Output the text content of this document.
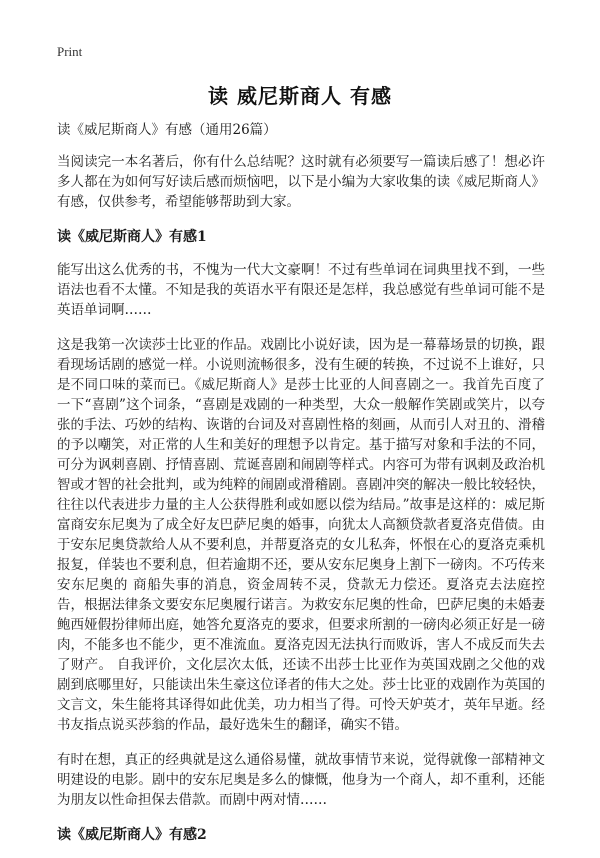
Print
读 威尼斯商人 有感

读《威尼斯商人》有感（通用26篇）

当阅读完一本名著后，你有什么总结呢？这时就有必须要写一篇读后感了！想必许多人都在为如何写好读后感而烦恼吧，以下是小编为大家收集的读《威尼斯商人》有感，仅供参考，希望能够帮助到大家。

读《威尼斯商人》有感1

能写出这么优秀的书，不愧为一代大文豪啊！不过有些单词在词典里找不到，一些语法也看不太懂。不知是我的英语水平有限还是怎样，我总感觉有些单词可能不是英语单词啊……

这是我第一次读莎士比亚的作品。戏剧比小说好读，因为是一幕幕场景的切换，跟看现场话剧的感觉一样。小说则流畅很多，没有生硬的转换，不过说不上谁好，只是不同口味的菜而已。《威尼斯商人》是莎士比亚的人间喜剧之一。我首先百度了一下“喜剧”这个词条，“喜剧是戏剧的一种类型，大众一般解作笑剧或笑片，以夸张的手法、巧妙的结构、诙谐的台词及对喜剧性格的刻画，从而引人对丑的、滑稽的予以嘲笑，对正常的人生和美好的理想予以肯定。基于描写对象和手法的不同，可分为讽刺喜剧、抒情喜剧、荒诞喜剧和闹剧等样式。内容可为带有讽刺及政治机智或才智的社会批判，或为纯粹的闹剧或滑稽剧。喜剧冲突的解决一般比较轻快，往往以代表进步力量的主人公获得胜利或如愿以偿为结局。”故事是这样的：威尼斯富商安东尼奥为了成全好友巴萨尼奥的婚事，向犹太人高额贷款者夏洛克借债。由于安东尼奥贷款给人从不要利息，并帮夏洛克的女儿私奔，怀恨在心的夏洛克乘机报复，佯装也不要利息，但若逾期不还，要从安东尼奥身上割下一磅肉。不巧传来安东尼奥的 商船失事的消息，资金周转不灵，贷款无力偿还。夏洛克去法庭控告，根据法律条文要安东尼奥履行诺言。为救安东尼奥的性命，巴萨尼奥的未婚妻鲍西娅假扮律师出庭，她答允夏洛克的要求，但要求所割的一磅肉必须正好是一磅肉，不能多也不能少，更不准流血。夏洛克因无法执行而败诉，害人不成反而失去了财产。 自我评价，文化层次太低，还读不出莎士比亚作为英国戏剧之父他的戏剧到底哪里好，只能读出朱生豪这位译者的伟大之处。莎士比亚的戏剧作为英国的文言文，朱生能将其译得如此优美，功力相当了得。可怜天妒英才，英年早逝。经书友指点说买莎翁的作品，最好选朱生的翻译，确实不错。

有时在想，真正的经典就是这么通俗易懂，就故事情节来说，觉得就像一部精神文明建设的电影。剧中的安东尼奥是多么的慷慨，他身为一个商人，却不重利，还能为朋友以性命担保去借款。而剧中两对情……

读《威尼斯商人》有感2
